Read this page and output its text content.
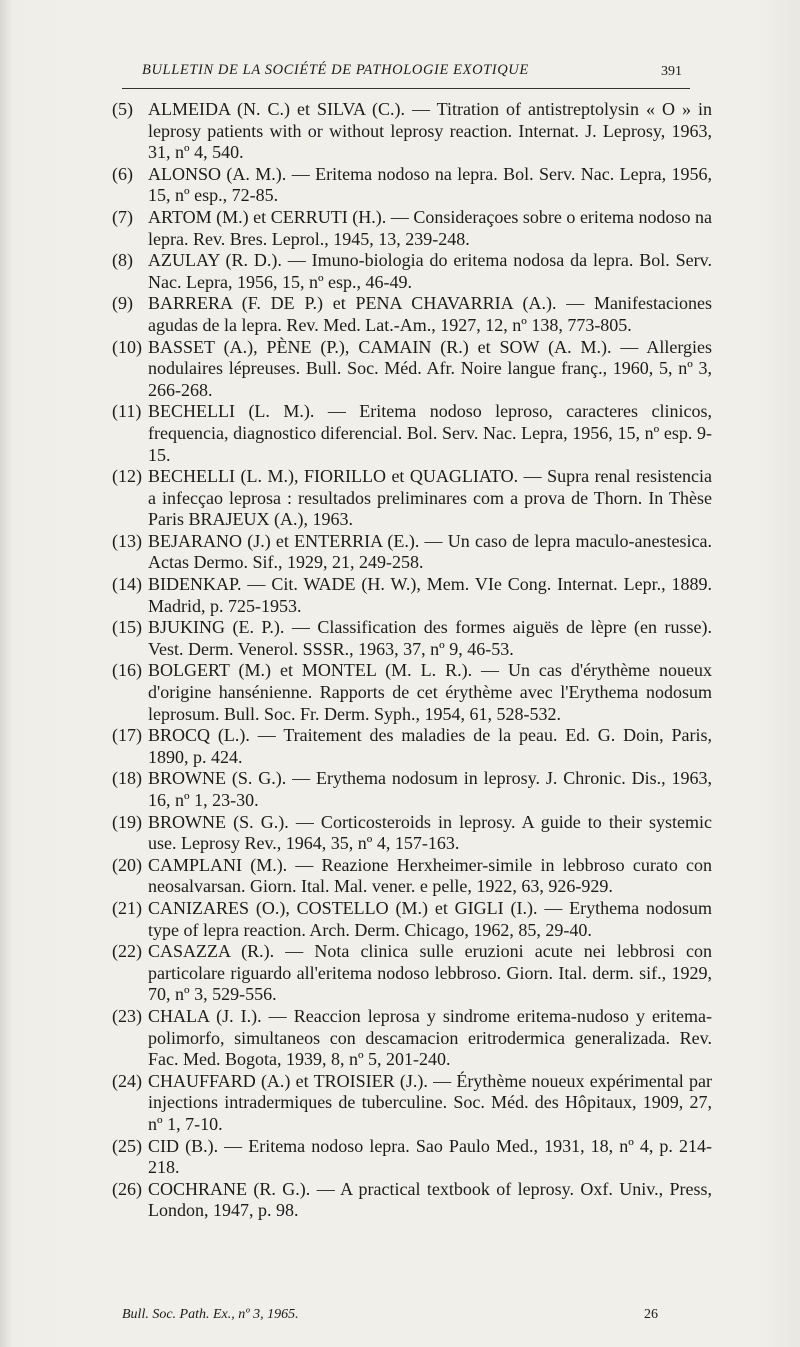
BULLETIN DE LA SOCIÉTÉ DE PATHOLOGIE EXOTIQUE	391

(5) ALMEIDA (N. C.) et SILVA (C.). — Titration of antistreptolysin « O » in leprosy patients with or without leprosy reaction. Internat. J. Leprosy, 1963, 31, nº 4, 540.

(6) ALONSO (A. M.). — Eritema nodoso na lepra. Bol. Serv. Nac. Lepra, 1956, 15, nº esp., 72-85.

(7) ARTOM (M.) et CERRUTI (H.). — Consideraçoes sobre o eritema nodoso na lepra. Rev. Bres. Leprol., 1945, 13, 239-248.

(8) AZULAY (R. D.). — Imuno-biologia do eritema nodosa da lepra. Bol. Serv. Nac. Lepra, 1956, 15, nº esp., 46-49.

(9) BARRERA (F. DE P.) et PENA CHAVARRIA (A.). — Manifestaciones agudas de la lepra. Rev. Med. Lat.-Am., 1927, 12, nº 138, 773-805.

(10) BASSET (A.), PÈNE (P.), CAMAIN (R.) et SOW (A. M.). — Allergies nodulaires lépreuses. Bull. Soc. Méd. Afr. Noire langue franç., 1960, 5, nº 3, 266-268.

(11) BECHELLI (L. M.). — Eritema nodoso leproso, caracteres clinicos, frequencia, diagnostico diferencial. Bol. Serv. Nac. Lepra, 1956, 15, nº esp. 9-15.

(12) BECHELLI (L. M.), FIORILLO et QUAGLIATO. — Supra renal resistencia a infecçao leprosa : resultados preliminares com a prova de Thorn. In Thèse Paris BRAJEUX (A.), 1963.

(13) BEJARANO (J.) et ENTERRIA (E.). — Un caso de lepra maculo-anestesica. Actas Dermo. Sif., 1929, 21, 249-258.

(14) BIDENKAP. — Cit. WADE (H. W.), Mem. VIe Cong. Internat. Lepr., 1889. Madrid, p. 725-1953.

(15) BJUKING (E. P.). — Classification des formes aiguës de lèpre (en russe). Vest. Derm. Venerol. SSSR., 1963, 37, nº 9, 46-53.

(16) BOLGERT (M.) et MONTEL (M. L. R.). — Un cas d'érythème noueux d'origine hansénienne. Rapports de cet érythème avec l'Erythema nodosum leprosum. Bull. Soc. Fr. Derm. Syph., 1954, 61, 528-532.

(17) BROCQ (L.). — Traitement des maladies de la peau. Ed. G. Doin, Paris, 1890, p. 424.

(18) BROWNE (S. G.). — Erythema nodosum in leprosy. J. Chronic. Dis., 1963, 16, nº 1, 23-30.

(19) BROWNE (S. G.). — Corticosteroids in leprosy. A guide to their systemic use. Leprosy Rev., 1964, 35, nº 4, 157-163.

(20) CAMPLANI (M.). — Reazione Herxheimer-simile in lebbroso curato con neosalvarsan. Giorn. Ital. Mal. vener. e pelle, 1922, 63, 926-929.

(21) CANIZARES (O.), COSTELLO (M.) et GIGLI (I.). — Erythema nodosum type of lepra reaction. Arch. Derm. Chicago, 1962, 85, 29-40.

(22) CASAZZA (R.). — Nota clinica sulle eruzioni acute nei lebbrosi con particolare riguardo all'eritema nodoso lebbroso. Giorn. Ital. derm. sif., 1929, 70, nº 3, 529-556.

(23) CHALA (J. I.). — Reaccion leprosa y sindrome eritema-nudoso y eritema-polimorfo, simultaneos con descamacion eritrodermica generalizada. Rev. Fac. Med. Bogota, 1939, 8, nº 5, 201-240.

(24) CHAUFFARD (A.) et TROISIER (J.). — Érythème noueux expérimental par injections intradermiques de tuberculine. Soc. Méd. des Hôpitaux, 1909, 27, nº 1, 7-10.

(25) CID (B.). — Eritema nodoso lepra. Sao Paulo Med., 1931, 18, nº 4, p. 214-218.

(26) COCHRANE (R. G.). — A practical textbook of leprosy. Oxf. Univ., Press, London, 1947, p. 98.

Bull. Soc. Path. Ex., nº 3, 1965.	26
